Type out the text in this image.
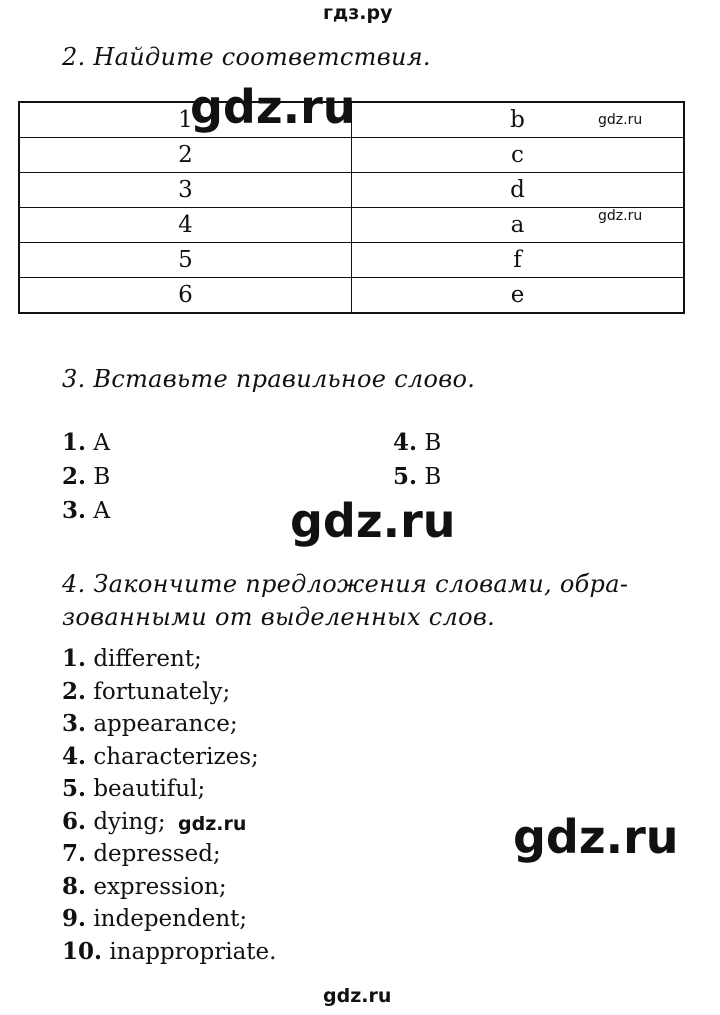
гдз.ру
2. Найдите соответствия.
1	b
2	c
3	d
4	a
5	f
6	e
gdz.ru	gdz.ru
gdz.ru
3. Вставьте правильное слово.
1. A
2. B
3. A
4. B
5. B
gdz.ru
4. Закончите предложения словами, обра-
зованными от выделенных слов.
1. different;
2. fortunately;
3. appearance;
4. characterizes;
5. beautiful;
6. dying;
7. depressed;
8. expression;
9. independent;
10. inappropriate.
gdz.ru	gdz.ru
gdz.ru
